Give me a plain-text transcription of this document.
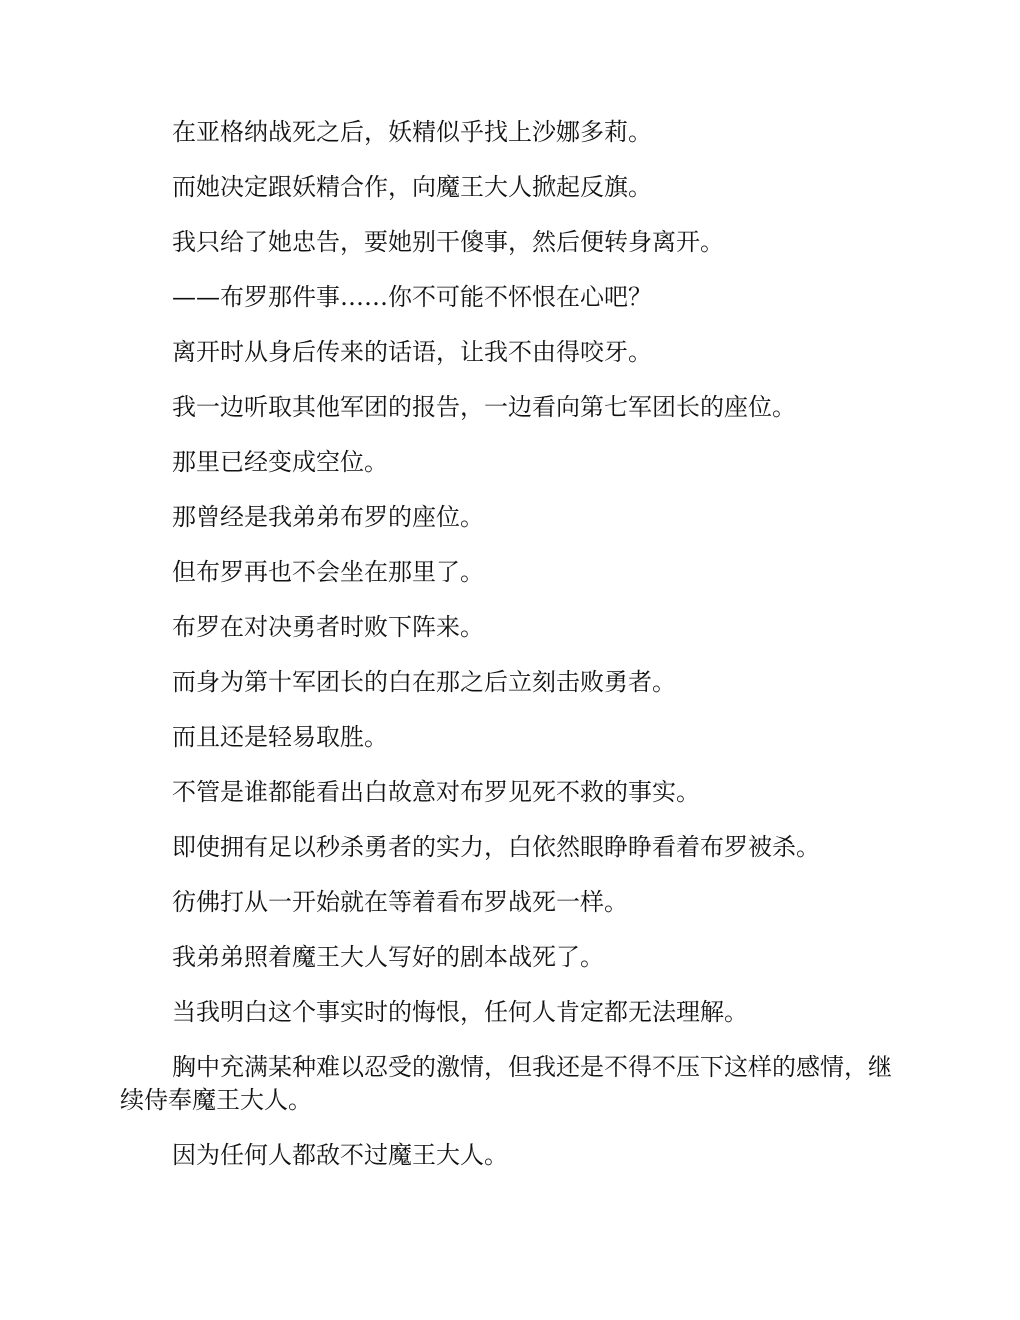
在亚格纳战死之后，妖精似乎找上沙娜多莉。

而她决定跟妖精合作，向魔王大人掀起反旗。

我只给了她忠告，要她别干傻事，然后便转身离开。

——布罗那件事……你不可能不怀恨在心吧？

离开时从身后传来的话语，让我不由得咬牙。

我一边听取其他军团的报告，一边看向第七军团长的座位。

那里已经变成空位。

那曾经是我弟弟布罗的座位。

但布罗再也不会坐在那里了。

布罗在对决勇者时败下阵来。

而身为第十军团长的白在那之后立刻击败勇者。

而且还是轻易取胜。

不管是谁都能看出白故意对布罗见死不救的事实。

即使拥有足以秒杀勇者的实力，白依然眼睁睁看着布罗被杀。

彷佛打从一开始就在等着看布罗战死一样。

我弟弟照着魔王大人写好的剧本战死了。

当我明白这个事实时的悔恨，任何人肯定都无法理解。

胸中充满某种难以忍受的激情，但我还是不得不压下这样的感情，继续侍奉魔王大人。

因为任何人都敌不过魔王大人。
